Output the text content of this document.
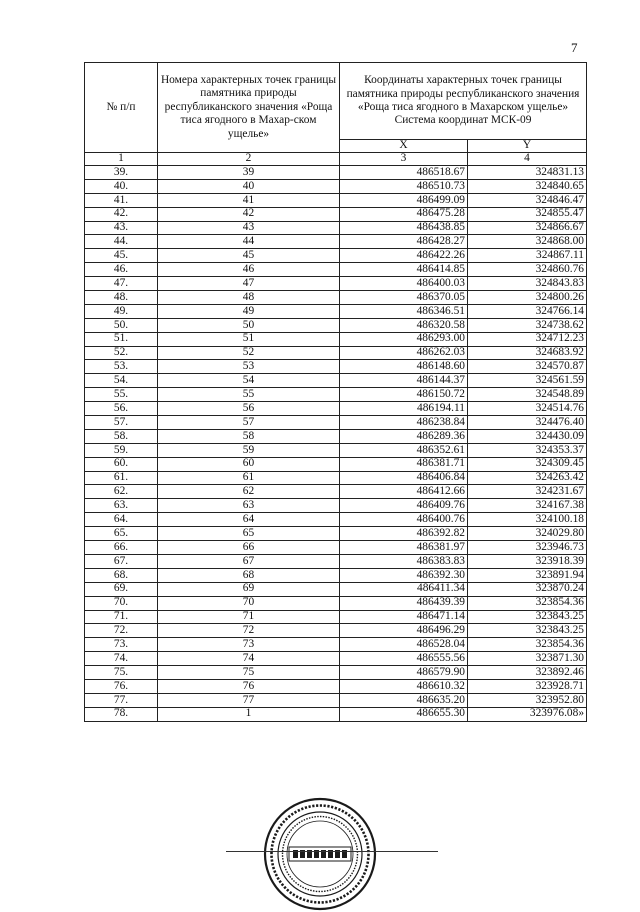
7
№ п/п	Номера характерных точек границы памятника природы республиканского значения «Роща тиса ягодного в Махар-ском ущелье»	Координаты характерных точек границы памятника природы республиканского значения «Роща тиса ягодного в Махарском ущелье» Система координат МСК-09	
		X	Y
1	2	3	4
39.	39	486518.67	324831.13
40.	40	486510.73	324840.65
41.	41	486499.09	324846.47
42.	42	486475.28	324855.47
43.	43	486438.85	324866.67
44.	44	486428.27	324868.00
45.	45	486422.26	324867.11
46.	46	486414.85	324860.76
47.	47	486400.03	324843.83
48.	48	486370.05	324800.26
49.	49	486346.51	324766.14
50.	50	486320.58	324738.62
51.	51	486293.00	324712.23
52.	52	486262.03	324683.92
53.	53	486148.60	324570.87
54.	54	486144.37	324561.59
55.	55	486150.72	324548.89
56.	56	486194.11	324514.76
57.	57	486238.84	324476.40
58.	58	486289.36	324430.09
59.	59	486352.61	324353.37
60.	60	486381.71	324309.45
61.	61	486406.84	324263.42
62.	62	486412.66	324231.67
63.	63	486409.76	324167.38
64.	64	486400.76	324100.18
65.	65	486392.82	324029.80
66.	66	486381.97	323946.73
67.	67	486383.83	323918.39
68.	68	486392.30	323891.94
69.	69	486411.34	323870.24
70.	70	486439.39	323854.36
71.	71	486471.14	323843.25
72.	72	486496.29	323843.25
73.	73	486528.04	323854.36
74.	74	486555.56	323871.30
75.	75	486579.90	323892.46
76.	76	486610.32	323928.71
77.	77	486635.20	323952.80
78.	1	486655.30	323976.08»
